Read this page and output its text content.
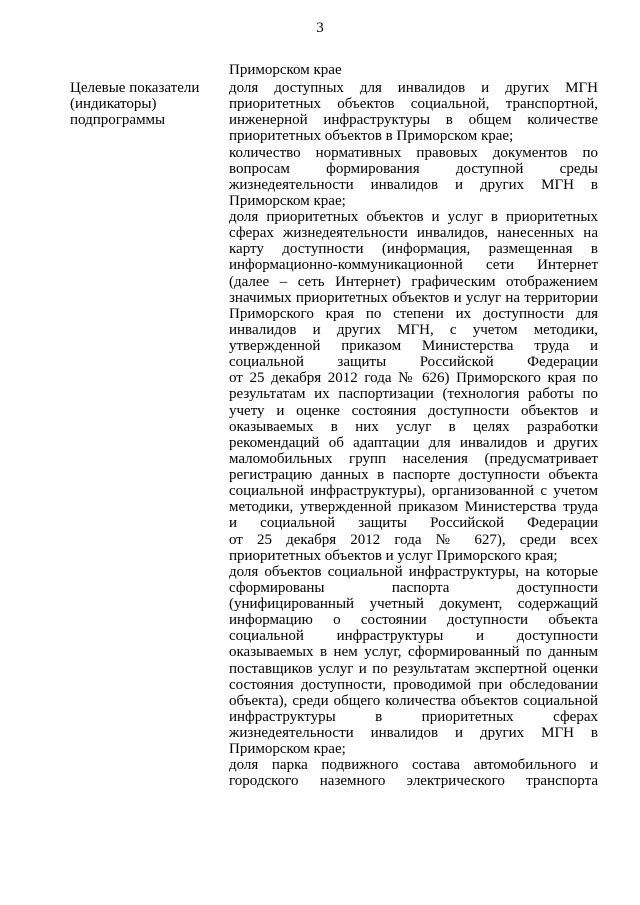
3
Приморском крае
Целевые показатели
(индикаторы)
подпрограммы
доля доступных для инвалидов и других МГН
приоритетных объектов социальной, транспортной,
инженерной инфраструктуры в общем количестве
приоритетных объектов в Приморском крае;
количество нормативных правовых документов по
вопросам формирования доступной среды
жизнедеятельности инвалидов и других МГН в
Приморском крае;
доля приоритетных объектов и услуг в приоритетных
сферах жизнедеятельности инвалидов, нанесенных на
карту доступности (информация, размещенная в
информационно-коммуникационной сети Интернет
(далее – сеть Интернет) графическим отображением
значимых приоритетных объектов и услуг на территории
Приморского края по степени их доступности для
инвалидов и других МГН, с учетом методики,
утвержденной приказом Министерства труда и
социальной защиты Российской Федерации
от 25 декабря 2012 года № 626) Приморского края по
результатам их паспортизации (технология работы по
учету и оценке состояния доступности объектов и
оказываемых в них услуг в целях разработки
рекомендаций об адаптации для инвалидов и других
маломобильных групп населения (предусматривает
регистрацию данных в паспорте доступности объекта
социальной инфраструктуры), организованной с учетом
методики, утвержденной приказом Министерства труда
и социальной защиты Российской Федерации
от 25 декабря 2012 года № 627), среди всех
приоритетных объектов и услуг Приморского края;
доля объектов социальной инфраструктуры, на которые
сформированы паспорта доступности
(унифицированный учетный документ, содержащий
информацию о состоянии доступности объекта
социальной инфраструктуры и доступности
оказываемых в нем услуг, сформированный по данным
поставщиков услуг и по результатам экспертной оценки
состояния доступности, проводимой при обследовании
объекта), среди общего количества объектов социальной
инфраструктуры в приоритетных сферах
жизнедеятельности инвалидов и других МГН в
Приморском крае;
доля парка подвижного состава автомобильного и
городского наземного электрического транспорта
